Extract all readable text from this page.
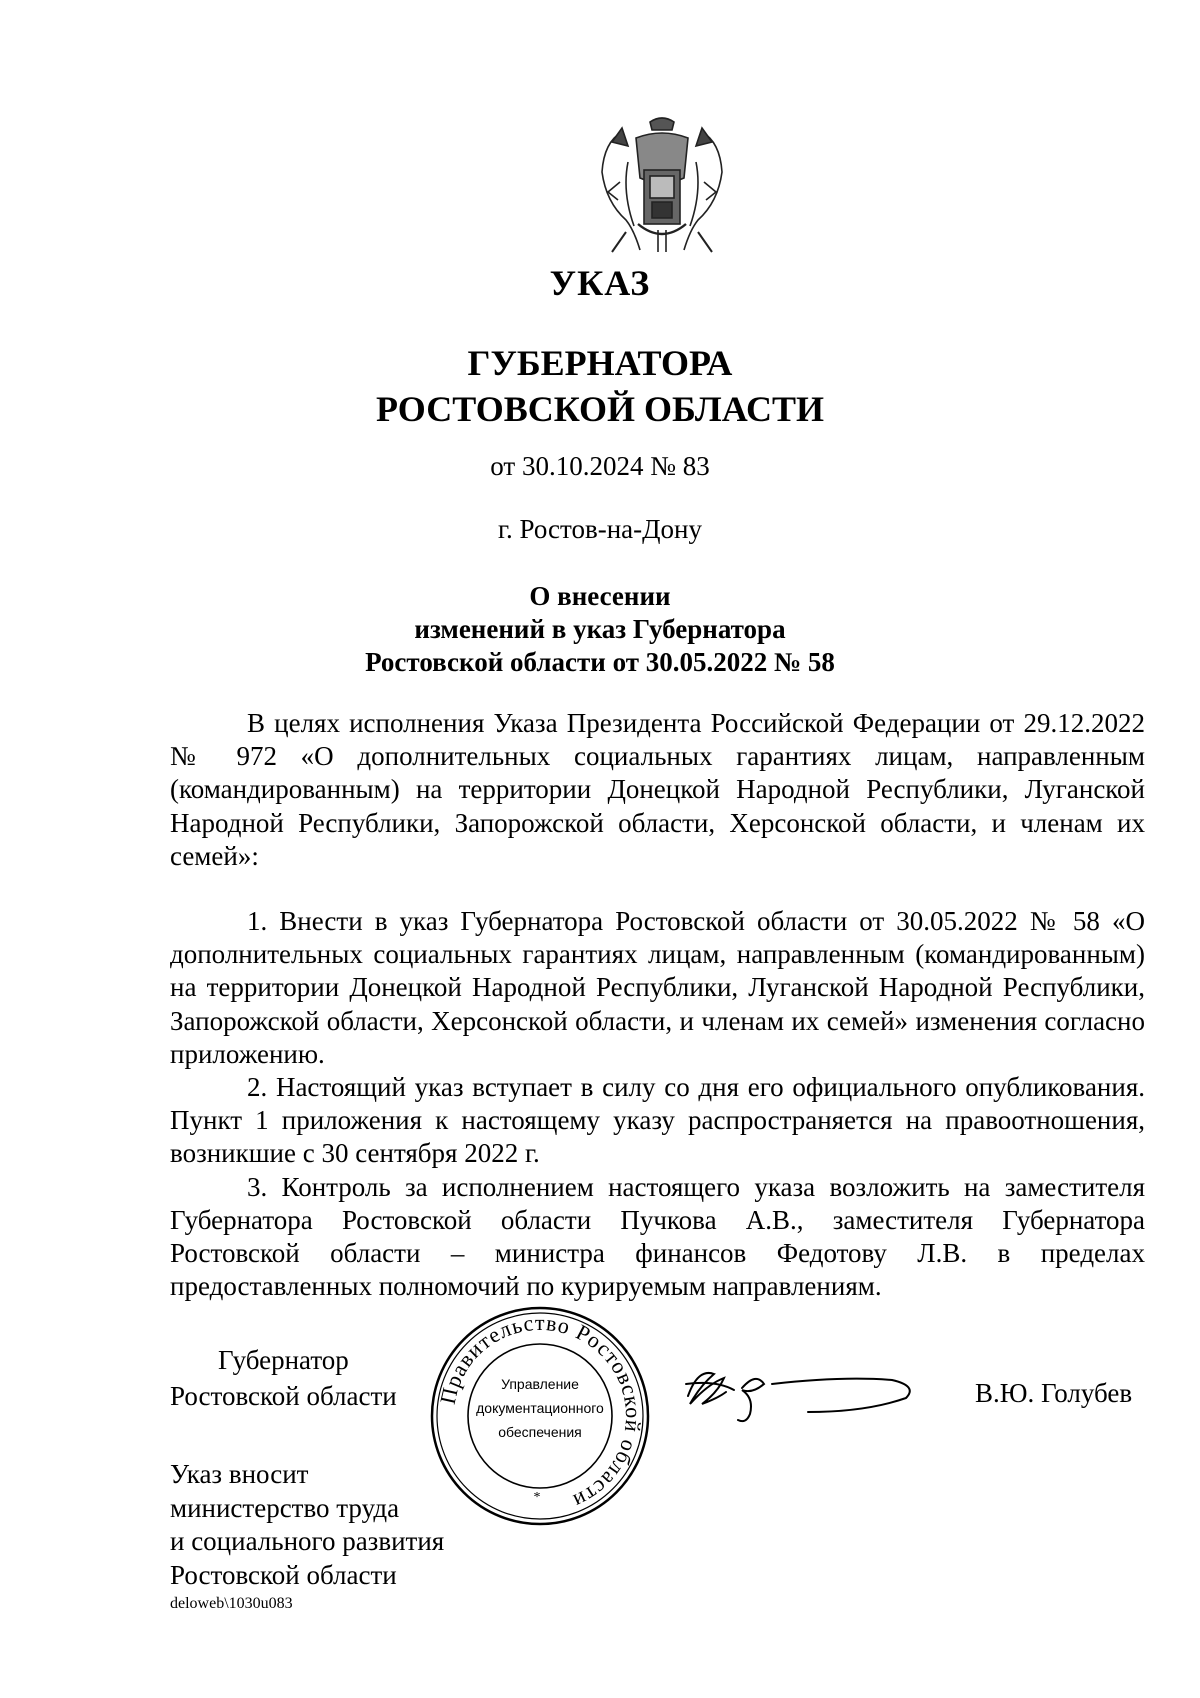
УКАЗ
ГУБЕРНАТОРА
РОСТОВСКОЙ ОБЛАСТИ
от 30.10.2024 № 83
г. Ростов-на-Дону
О внесении
изменений в указ Губернатора
Ростовской области от 30.05.2022 № 58

В целях исполнения Указа Президента Российской Федерации от 29.12.2022 № 972 «О дополнительных социальных гарантиях лицам, направленным (командированным) на территории Донецкой Народной Республики, Луганской Народной Республики, Запорожской области, Херсонской области, и членам их семей»:

1. Внести в указ Губернатора Ростовской области от 30.05.2022 № 58 «О дополнительных социальных гарантиях лицам, направленным (командированным) на территории Донецкой Народной Республики, Луганской Народной Республики, Запорожской области, Херсонской области, и членам их семей» изменения согласно приложению.

2. Настоящий указ вступает в силу со дня его официального опубликования. Пункт 1 приложения к настоящему указу распространяется на правоотношения, возникшие с 30 сентября 2022 г.

3. Контроль за исполнением настоящего указа возложить на заместителя Губернатора Ростовской области Пучкова А.В., заместителя Губернатора Ростовской области – министра финансов Федотову Л.В. в пределах предоставленных полномочий по курируемым направлениям.

Губернатор
Ростовской области Правительство Ростовской области
Управление
документационного
обеспечения
*
В.Ю. Голубев
Указ вносит
министерство труда
и социального развития
Ростовской области
deloweb\1030u083
